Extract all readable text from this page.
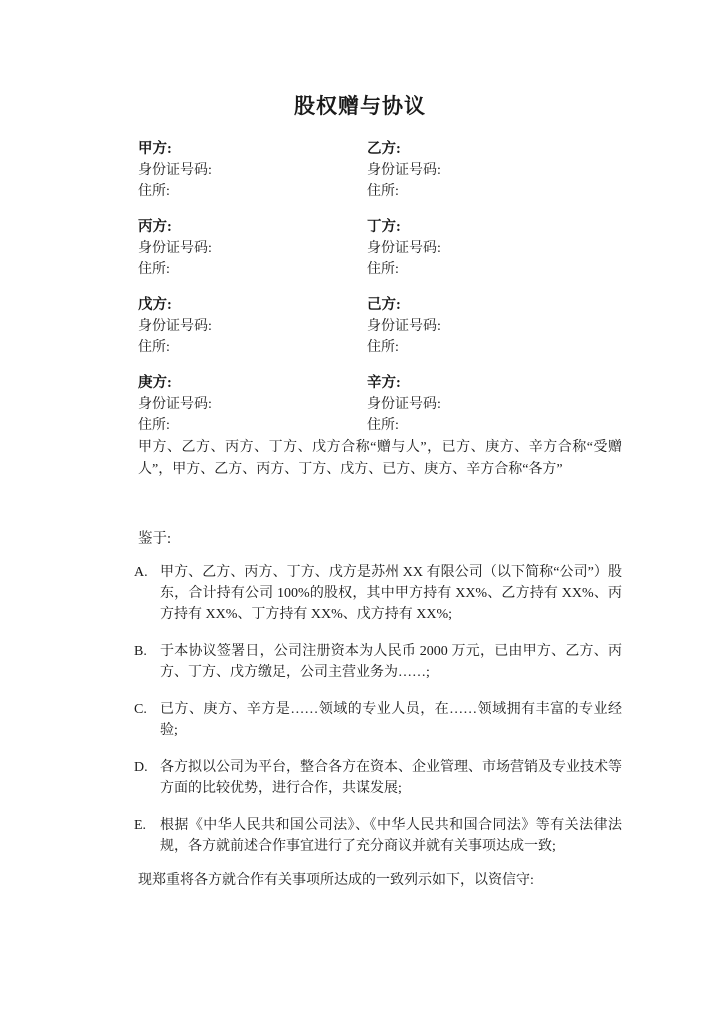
股权赠与协议
甲方:
身份证号码:
住所:
乙方:
身份证号码:
住所:
丙方:
身份证号码:
住所:
丁方:
身份证号码:
住所:
戊方:
身份证号码:
住所:
己方:
身份证号码:
住所:
庚方:
身份证号码:
住所:
辛方:
身份证号码:
住所:

甲方、乙方、丙方、丁方、戊方合称“赠与人”，已方、庚方、辛方合称“受赠人”，甲方、乙方、丙方、丁方、戊方、已方、庚方、辛方合称“各方”

鉴于:
A. 甲方、乙方、丙方、丁方、戊方是苏州 XX 有限公司（以下简称“公司”）股东，合计持有公司 100%的股权，其中甲方持有 XX%、乙方持有 XX%、丙方持有 XX%、丁方持有 XX%、戊方持有 XX%;
B. 于本协议签署日，公司注册资本为人民币 2000 万元，已由甲方、乙方、丙方、丁方、戊方缴足，公司主营业务为……;
C. 已方、庚方、辛方是……领域的专业人员，在……领域拥有丰富的专业经验;
D. 各方拟以公司为平台，整合各方在资本、企业管理、市场营销及专业技术等方面的比较优势，进行合作，共谋发展;
E. 根据《中华人民共和国公司法》、《中华人民共和国合同法》等有关法律法规，各方就前述合作事宜进行了充分商议并就有关事项达成一致;

现郑重将各方就合作有关事项所达成的一致列示如下，以资信守:
